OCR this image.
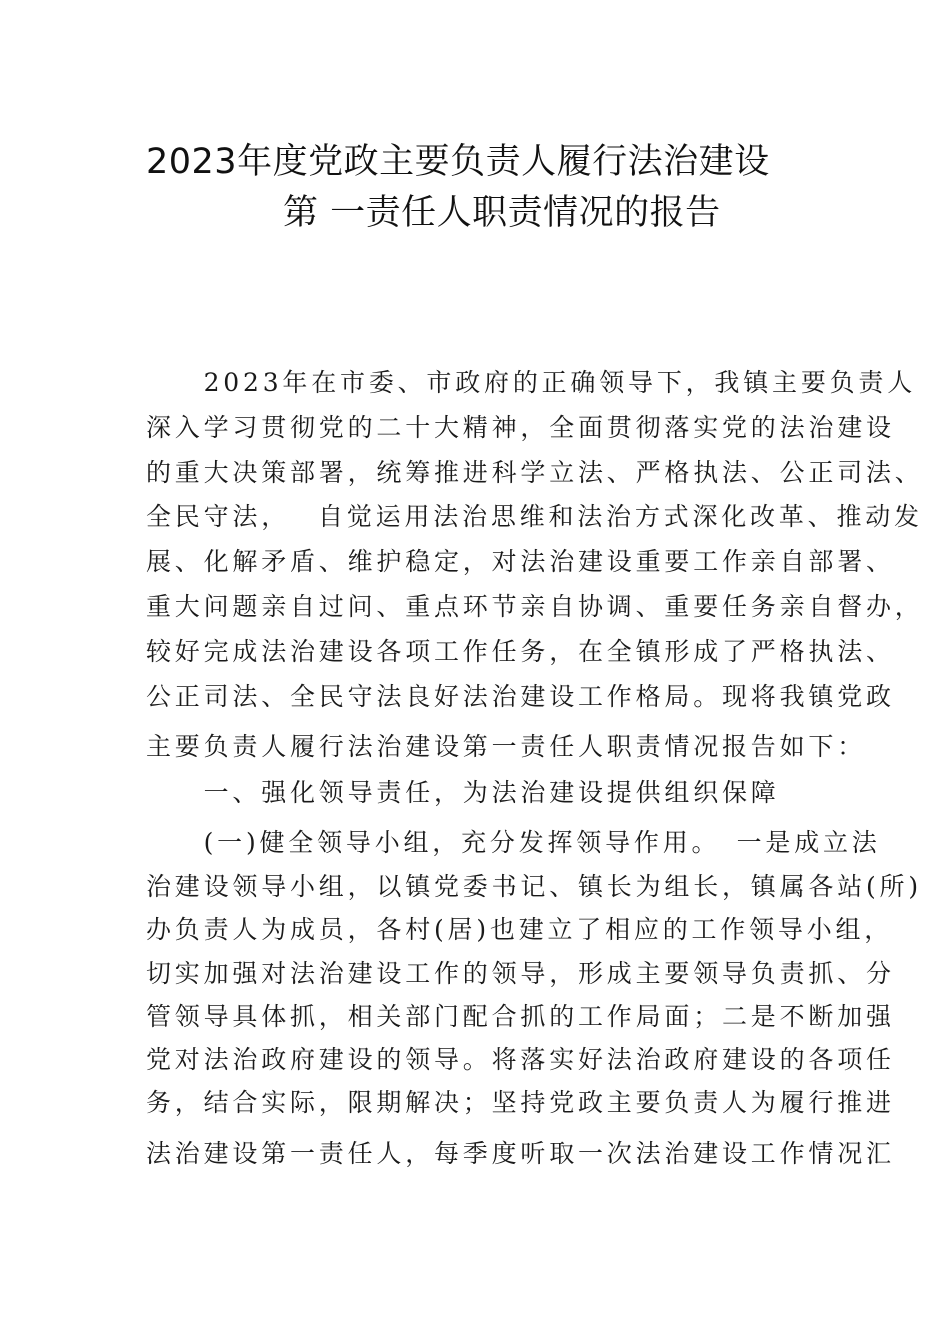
2023年度党政主要负责人履行法治建设
第 一责任人职责情况的报告
　　2023年在市委、市政府的正确领导下，我镇主要负责人
深入学习贯彻党的二十大精神，全面贯彻落实党的法治建设
的重大决策部署，统筹推进科学立法、严格执法、公正司法、
全民守法，　 自觉运用法治思维和法治方式深化改革、推动发
展、化解矛盾、维护稳定，对法治建设重要工作亲自部署、
重大问题亲自过问、重点环节亲自协调、重要任务亲自督办，
较好完成法治建设各项工作任务，在全镇形成了严格执法、
公正司法、全民守法良好法治建设工作格局。现将我镇党政
主要负责人履行法治建设第一责任人职责情况报告如下：
　　一、强化领导责任，为法治建设提供组织保障
　　(一)健全领导小组，充分发挥领导作用。　一是成立法
治建设领导小组，以镇党委书记、镇长为组长，镇属各站(所)
办负责人为成员，各村(居)也建立了相应的工作领导小组，
切实加强对法治建设工作的领导，形成主要领导负责抓、分
管领导具体抓，相关部门配合抓的工作局面；二是不断加强
党对法治政府建设的领导。将落实好法治政府建设的各项任
务，结合实际，限期解决；坚持党政主要负责人为履行推进
法治建设第一责任人，每季度听取一次法治建设工作情况汇
